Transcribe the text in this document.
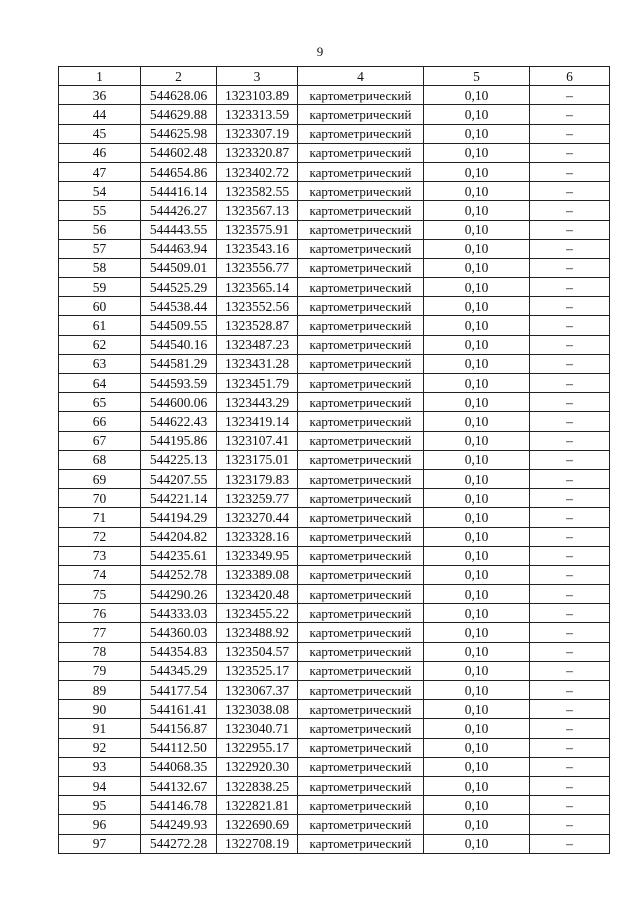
9
1	2	3	4	5	6
36	544628.06	1323103.89	картометрический	0,10	–
44	544629.88	1323313.59	картометрический	0,10	–
45	544625.98	1323307.19	картометрический	0,10	–
46	544602.48	1323320.87	картометрический	0,10	–
47	544654.86	1323402.72	картометрический	0,10	–
54	544416.14	1323582.55	картометрический	0,10	–
55	544426.27	1323567.13	картометрический	0,10	–
56	544443.55	1323575.91	картометрический	0,10	–
57	544463.94	1323543.16	картометрический	0,10	–
58	544509.01	1323556.77	картометрический	0,10	–
59	544525.29	1323565.14	картометрический	0,10	–
60	544538.44	1323552.56	картометрический	0,10	–
61	544509.55	1323528.87	картометрический	0,10	–
62	544540.16	1323487.23	картометрический	0,10	–
63	544581.29	1323431.28	картометрический	0,10	–
64	544593.59	1323451.79	картометрический	0,10	–
65	544600.06	1323443.29	картометрический	0,10	–
66	544622.43	1323419.14	картометрический	0,10	–
67	544195.86	1323107.41	картометрический	0,10	–
68	544225.13	1323175.01	картометрический	0,10	–
69	544207.55	1323179.83	картометрический	0,10	–
70	544221.14	1323259.77	картометрический	0,10	–
71	544194.29	1323270.44	картометрический	0,10	–
72	544204.82	1323328.16	картометрический	0,10	–
73	544235.61	1323349.95	картометрический	0,10	–
74	544252.78	1323389.08	картометрический	0,10	–
75	544290.26	1323420.48	картометрический	0,10	–
76	544333.03	1323455.22	картометрический	0,10	–
77	544360.03	1323488.92	картометрический	0,10	–
78	544354.83	1323504.57	картометрический	0,10	–
79	544345.29	1323525.17	картометрический	0,10	–
89	544177.54	1323067.37	картометрический	0,10	–
90	544161.41	1323038.08	картометрический	0,10	–
91	544156.87	1323040.71	картометрический	0,10	–
92	544112.50	1322955.17	картометрический	0,10	–
93	544068.35	1322920.30	картометрический	0,10	–
94	544132.67	1322838.25	картометрический	0,10	–
95	544146.78	1322821.81	картометрический	0,10	–
96	544249.93	1322690.69	картометрический	0,10	–
97	544272.28	1322708.19	картометрический	0,10	–
